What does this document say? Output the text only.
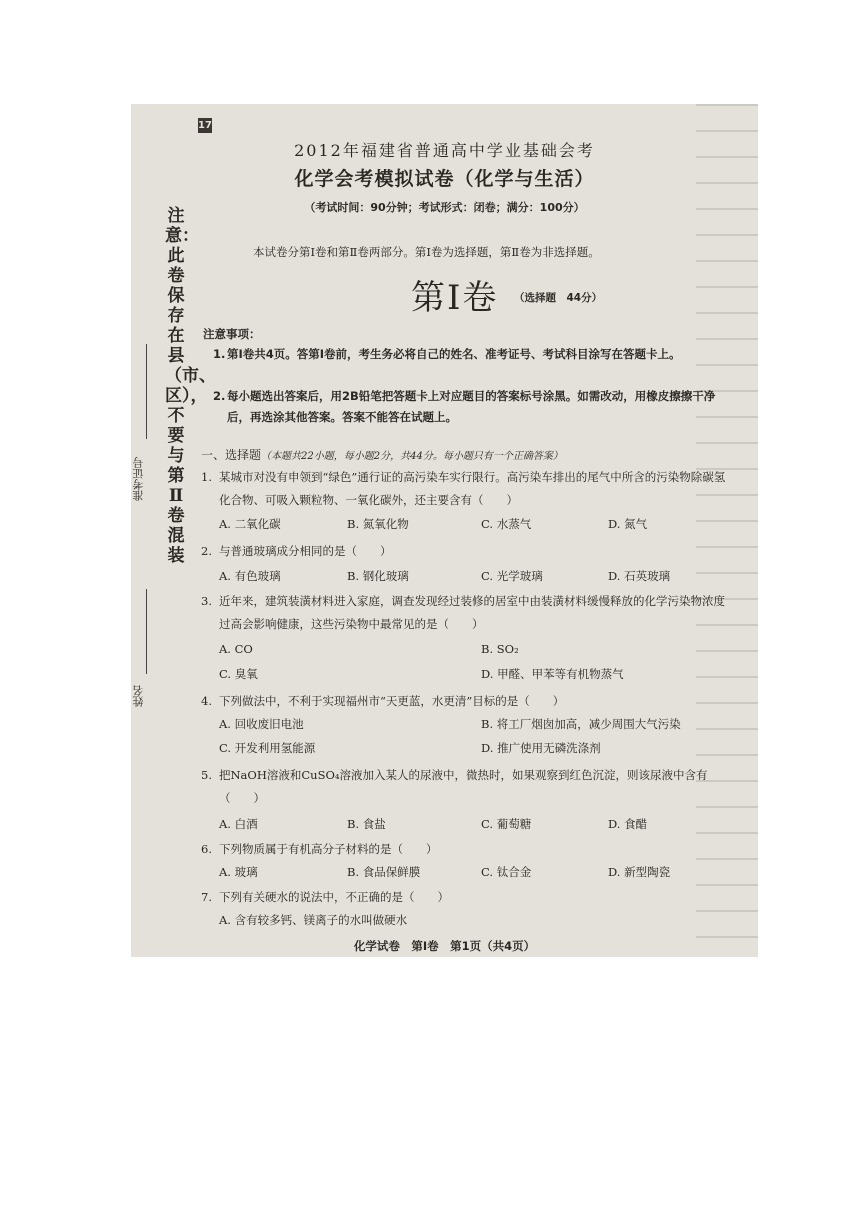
17
注意：此卷保存在县（市、区），不要与第Ⅱ卷混装
准考证号
姓名
2012年福建省普通高中学业基础会考
化学会考模拟试卷（化学与生活）
（考试时间：90分钟；考试形式：闭卷；满分：100分）
本试卷分第Ⅰ卷和第Ⅱ卷两部分。第Ⅰ卷为选择题，第Ⅱ卷为非选择题。
第Ⅰ卷 （选择题　44分）
注意事项：
1. 第Ⅰ卷共4页。答第Ⅰ卷前，考生务必将自己的姓名、准考证号、考试科目涂写在答题卡上。
2. 每小题选出答案后，用2B铅笔把答题卡上对应题目的答案标号涂黑。如需改动，用橡皮擦擦干净后，再选涂其他答案。答案不能答在试题上。
一、选择题（本题共22小题，每小题2分，共44分。每小题只有一个正确答案）
1. 某城市对没有申领到“绿色”通行证的高污染车实行限行。高污染车排出的尾气中所含的污染物除碳氢化合物、可吸入颗粒物、一氧化碳外，还主要含有（　　）
A. 二氧化碳	B. 氮氧化物	C. 水蒸气	D. 氮气
2. 与普通玻璃成分相同的是（　　）
A. 有色玻璃	B. 钢化玻璃	C. 光学玻璃	D. 石英玻璃
3. 近年来，建筑装潢材料进入家庭，调查发现经过装修的居室中由装潢材料缓慢释放的化学污染物浓度过高会影响健康，这些污染物中最常见的是（　　）
A. CO	B. SO₂
C. 臭氧	D. 甲醛、甲苯等有机物蒸气
4. 下列做法中，不利于实现福州市“天更蓝，水更清”目标的是（　　）
A. 回收废旧电池	B. 将工厂烟囱加高，减少周围大气污染
C. 开发利用氢能源	D. 推广使用无磷洗涤剂
5. 把NaOH溶液和CuSO₄溶液加入某人的尿液中，微热时，如果观察到红色沉淀，则该尿液中含有（　　）
A. 白酒	B. 食盐	C. 葡萄糖	D. 食醋
6. 下列物质属于有机高分子材料的是（　　）
A. 玻璃	B. 食品保鲜膜	C. 钛合金	D. 新型陶瓷
7. 下列有关硬水的说法中，不正确的是（　　）
A. 含有较多钙、镁离子的水叫做硬水
化学试卷　第Ⅰ卷　第1页（共4页）
